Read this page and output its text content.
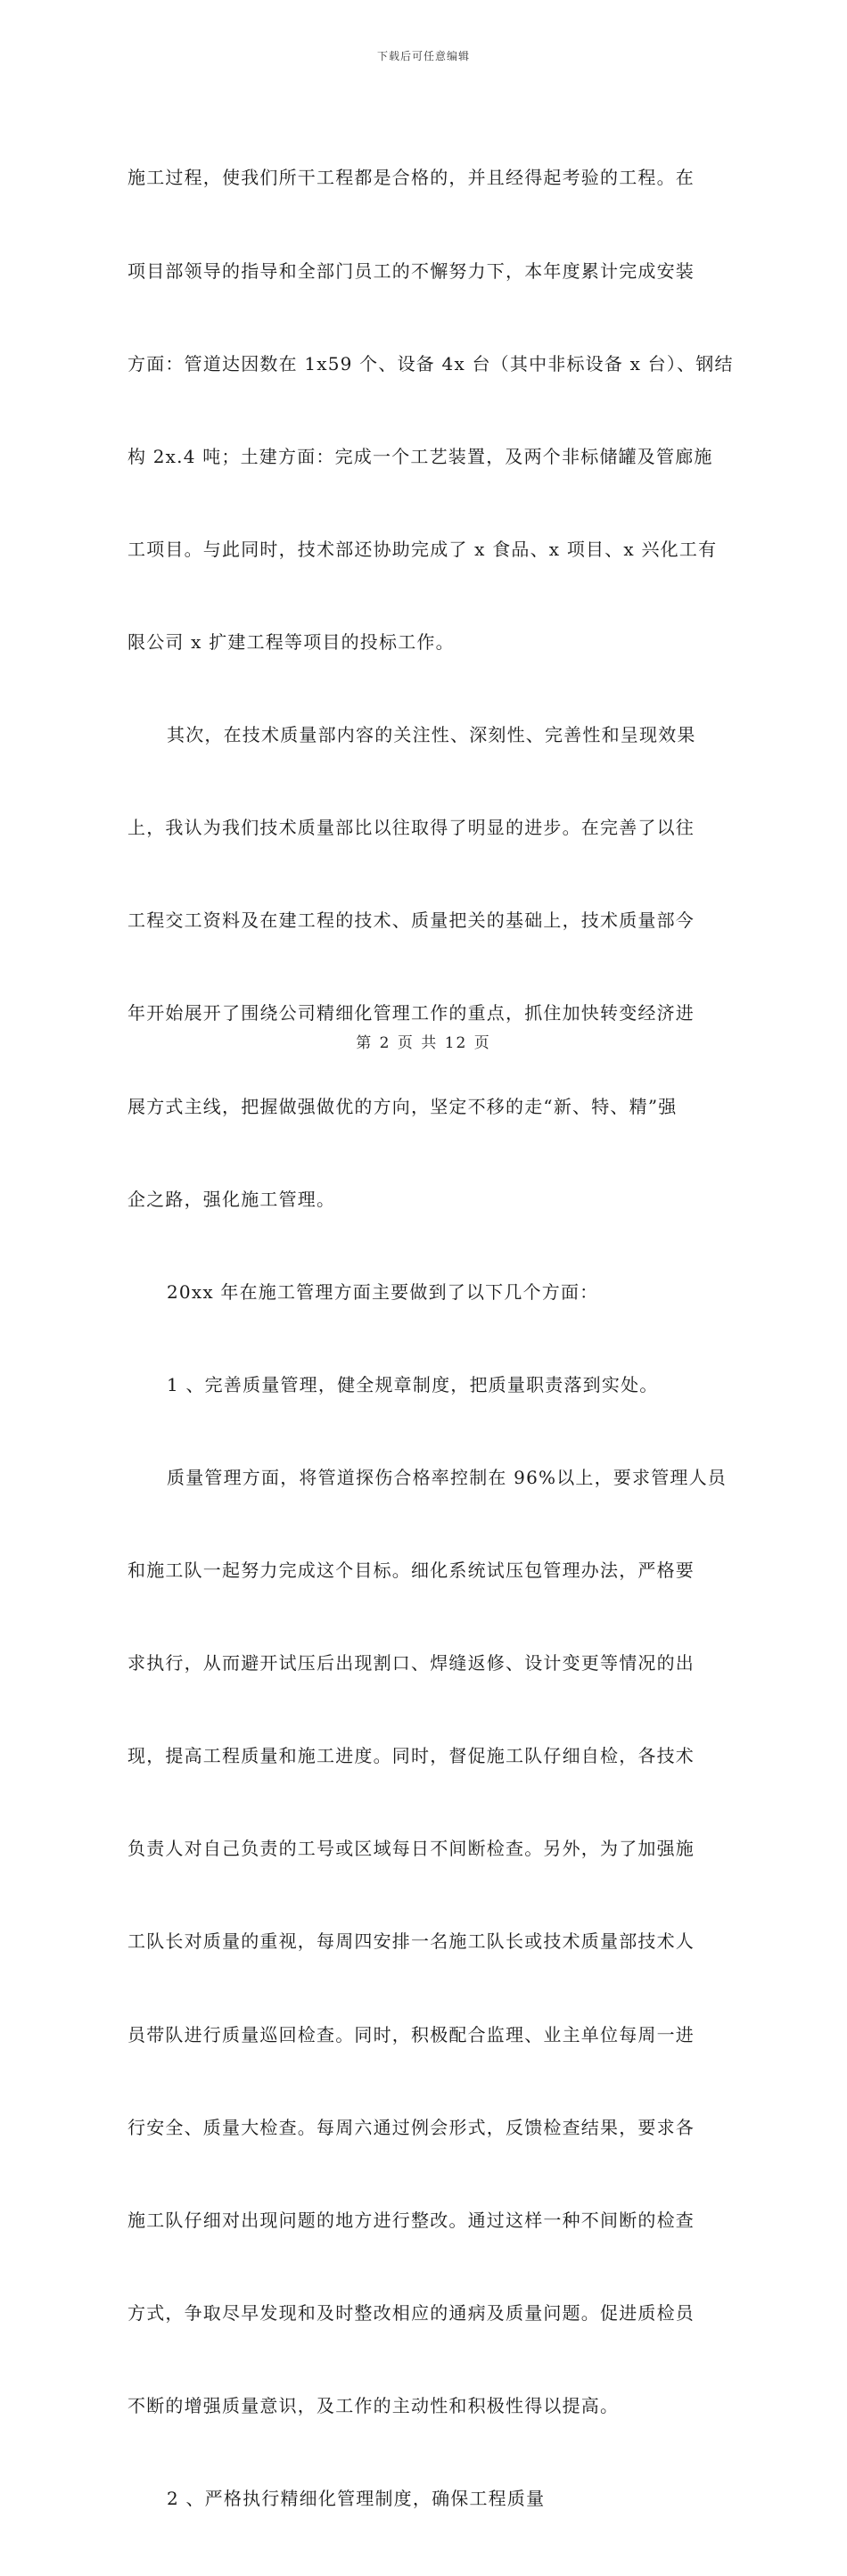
下载后可任意编辑

施工过程，使我们所干工程都是合格的，并且经得起考验的工程。在

项目部领导的指导和全部门员工的不懈努力下，本年度累计完成安装

方面：管道达因数在 1x59 个、设备 4x 台（其中非标设备 x 台）、钢结

构 2x.4 吨；土建方面：完成一个工艺装置，及两个非标储罐及管廊施

工项目。与此同时，技术部还协助完成了 x 食品、x 项目、x 兴化工有

限公司 x 扩建工程等项目的投标工作。

其次，在技术质量部内容的关注性、深刻性、完善性和呈现效果

上，我认为我们技术质量部比以往取得了明显的进步。在完善了以往

工程交工资料及在建工程的技术、质量把关的基础上，技术质量部今

年开始展开了围绕公司精细化管理工作的重点，抓住加快转变经济进

展方式主线，把握做强做优的方向，坚定不移的走“新、特、精”强

企之路，强化施工管理。

20xx 年在施工管理方面主要做到了以下几个方面：

1 、完善质量管理，健全规章制度，把质量职责落到实处。

质量管理方面，将管道探伤合格率控制在 96%以上，要求管理人员

和施工队一起努力完成这个目标。细化系统试压包管理办法，严格要

求执行，从而避开试压后出现割口、焊缝返修、设计变更等情况的出

现，提高工程质量和施工进度。同时，督促施工队仔细自检，各技术

负责人对自己负责的工号或区域每日不间断检查。另外，为了加强施

工队长对质量的重视，每周四安排一名施工队长或技术质量部技术人

员带队进行质量巡回检查。同时，积极配合监理、业主单位每周一进

行安全、质量大检查。每周六通过例会形式，反馈检查结果，要求各

施工队仔细对出现问题的地方进行整改。通过这样一种不间断的检查

方式，争取尽早发现和及时整改相应的通病及质量问题。促进质检员

不断的增强质量意识，及工作的主动性和积极性得以提高。

2 、严格执行精细化管理制度，确保工程质量

第 2 页 共 12 页
